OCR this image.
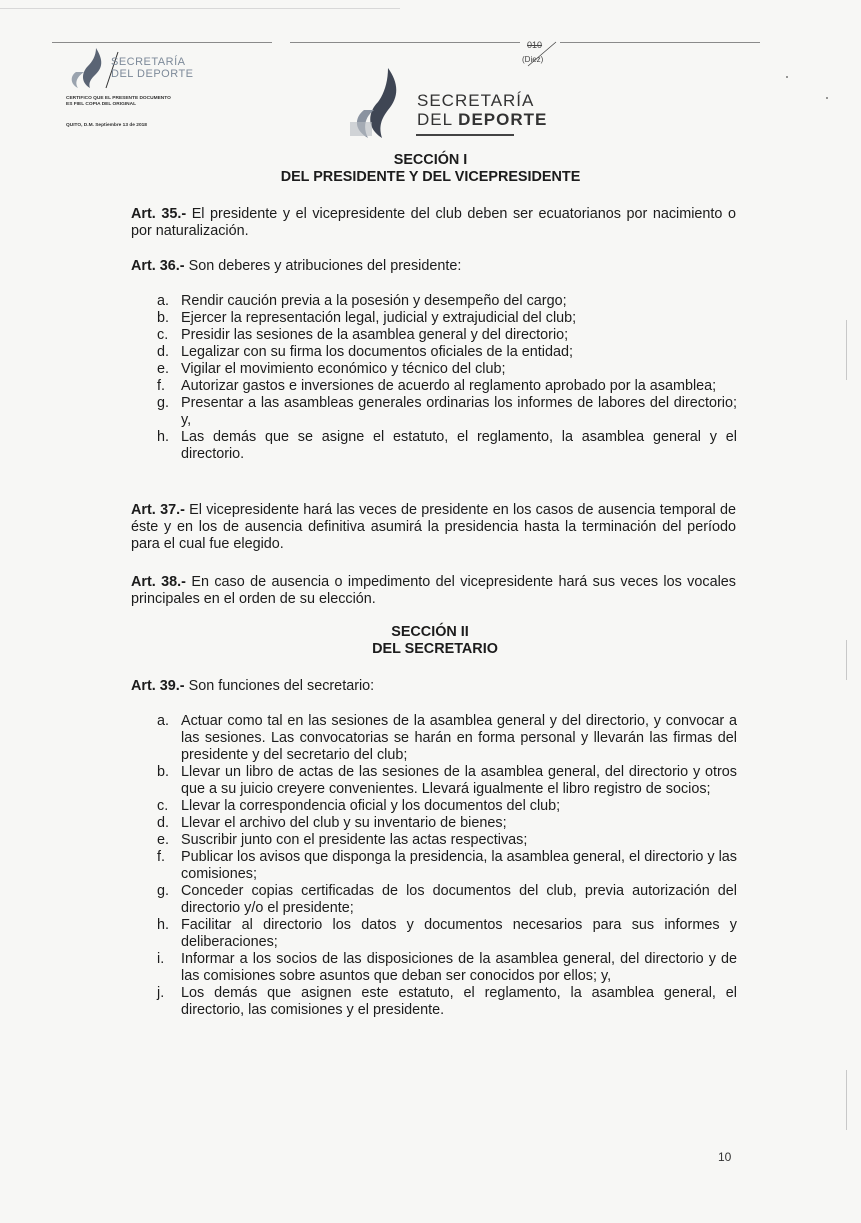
SECRETARÍA
DEL DEPORTE
CERTIFICO QUE EL PRESENTE DOCUMENTO ES FIEL COPIA DEL ORIGINAL
QUITO, D.M. Septiembre 13 de 2018
010
(Diez)
SECRETARÍA
DEL DEPORTE
SECCIÓN I
DEL PRESIDENTE Y DEL VICEPRESIDENTE
Art. 35.- El presidente y el vicepresidente del club deben ser ecuatorianos por nacimiento o por naturalización.
Art. 36.- Son deberes y atribuciones del presidente:
a. Rendir caución previa a la posesión y desempeño del cargo;
b. Ejercer la representación legal, judicial y extrajudicial del club;
c. Presidir las sesiones de la asamblea general y del directorio;
d. Legalizar con su firma los documentos oficiales de la entidad;
e. Vigilar el movimiento económico y técnico del club;
f. Autorizar gastos e inversiones de acuerdo al reglamento aprobado por la asamblea;
g. Presentar a las asambleas generales ordinarias los informes de labores del directorio; y,
h. Las demás que se asigne el estatuto, el reglamento, la asamblea general y el directorio.
Art. 37.- El vicepresidente hará las veces de presidente en los casos de ausencia temporal de éste y en los de ausencia definitiva asumirá la presidencia hasta la terminación del período para el cual fue elegido.
Art. 38.- En caso de ausencia o impedimento del vicepresidente hará sus veces los vocales principales en el orden de su elección.
SECCIÓN II
DEL SECRETARIO
Art. 39.- Son funciones del secretario:
a. Actuar como tal en las sesiones de la asamblea general y del directorio, y convocar a las sesiones. Las convocatorias se harán en forma personal y llevarán las firmas del presidente y del secretario del club;
b. Llevar un libro de actas de las sesiones de la asamblea general, del directorio y otros que a su juicio creyere convenientes. Llevará igualmente el libro registro de socios;
c. Llevar la correspondencia oficial y los documentos del club;
d. Llevar el archivo del club y su inventario de bienes;
e. Suscribir junto con el presidente las actas respectivas;
f. Publicar los avisos que disponga la presidencia, la asamblea general, el directorio y las comisiones;
g. Conceder copias certificadas de los documentos del club, previa autorización del directorio y/o el presidente;
h. Facilitar al directorio los datos y documentos necesarios para sus informes y deliberaciones;
i. Informar a los socios de las disposiciones de la asamblea general, del directorio y de las comisiones sobre asuntos que deban ser conocidos por ellos; y,
j. Los demás que asignen este estatuto, el reglamento, la asamblea general, el directorio, las comisiones y el presidente.
10
